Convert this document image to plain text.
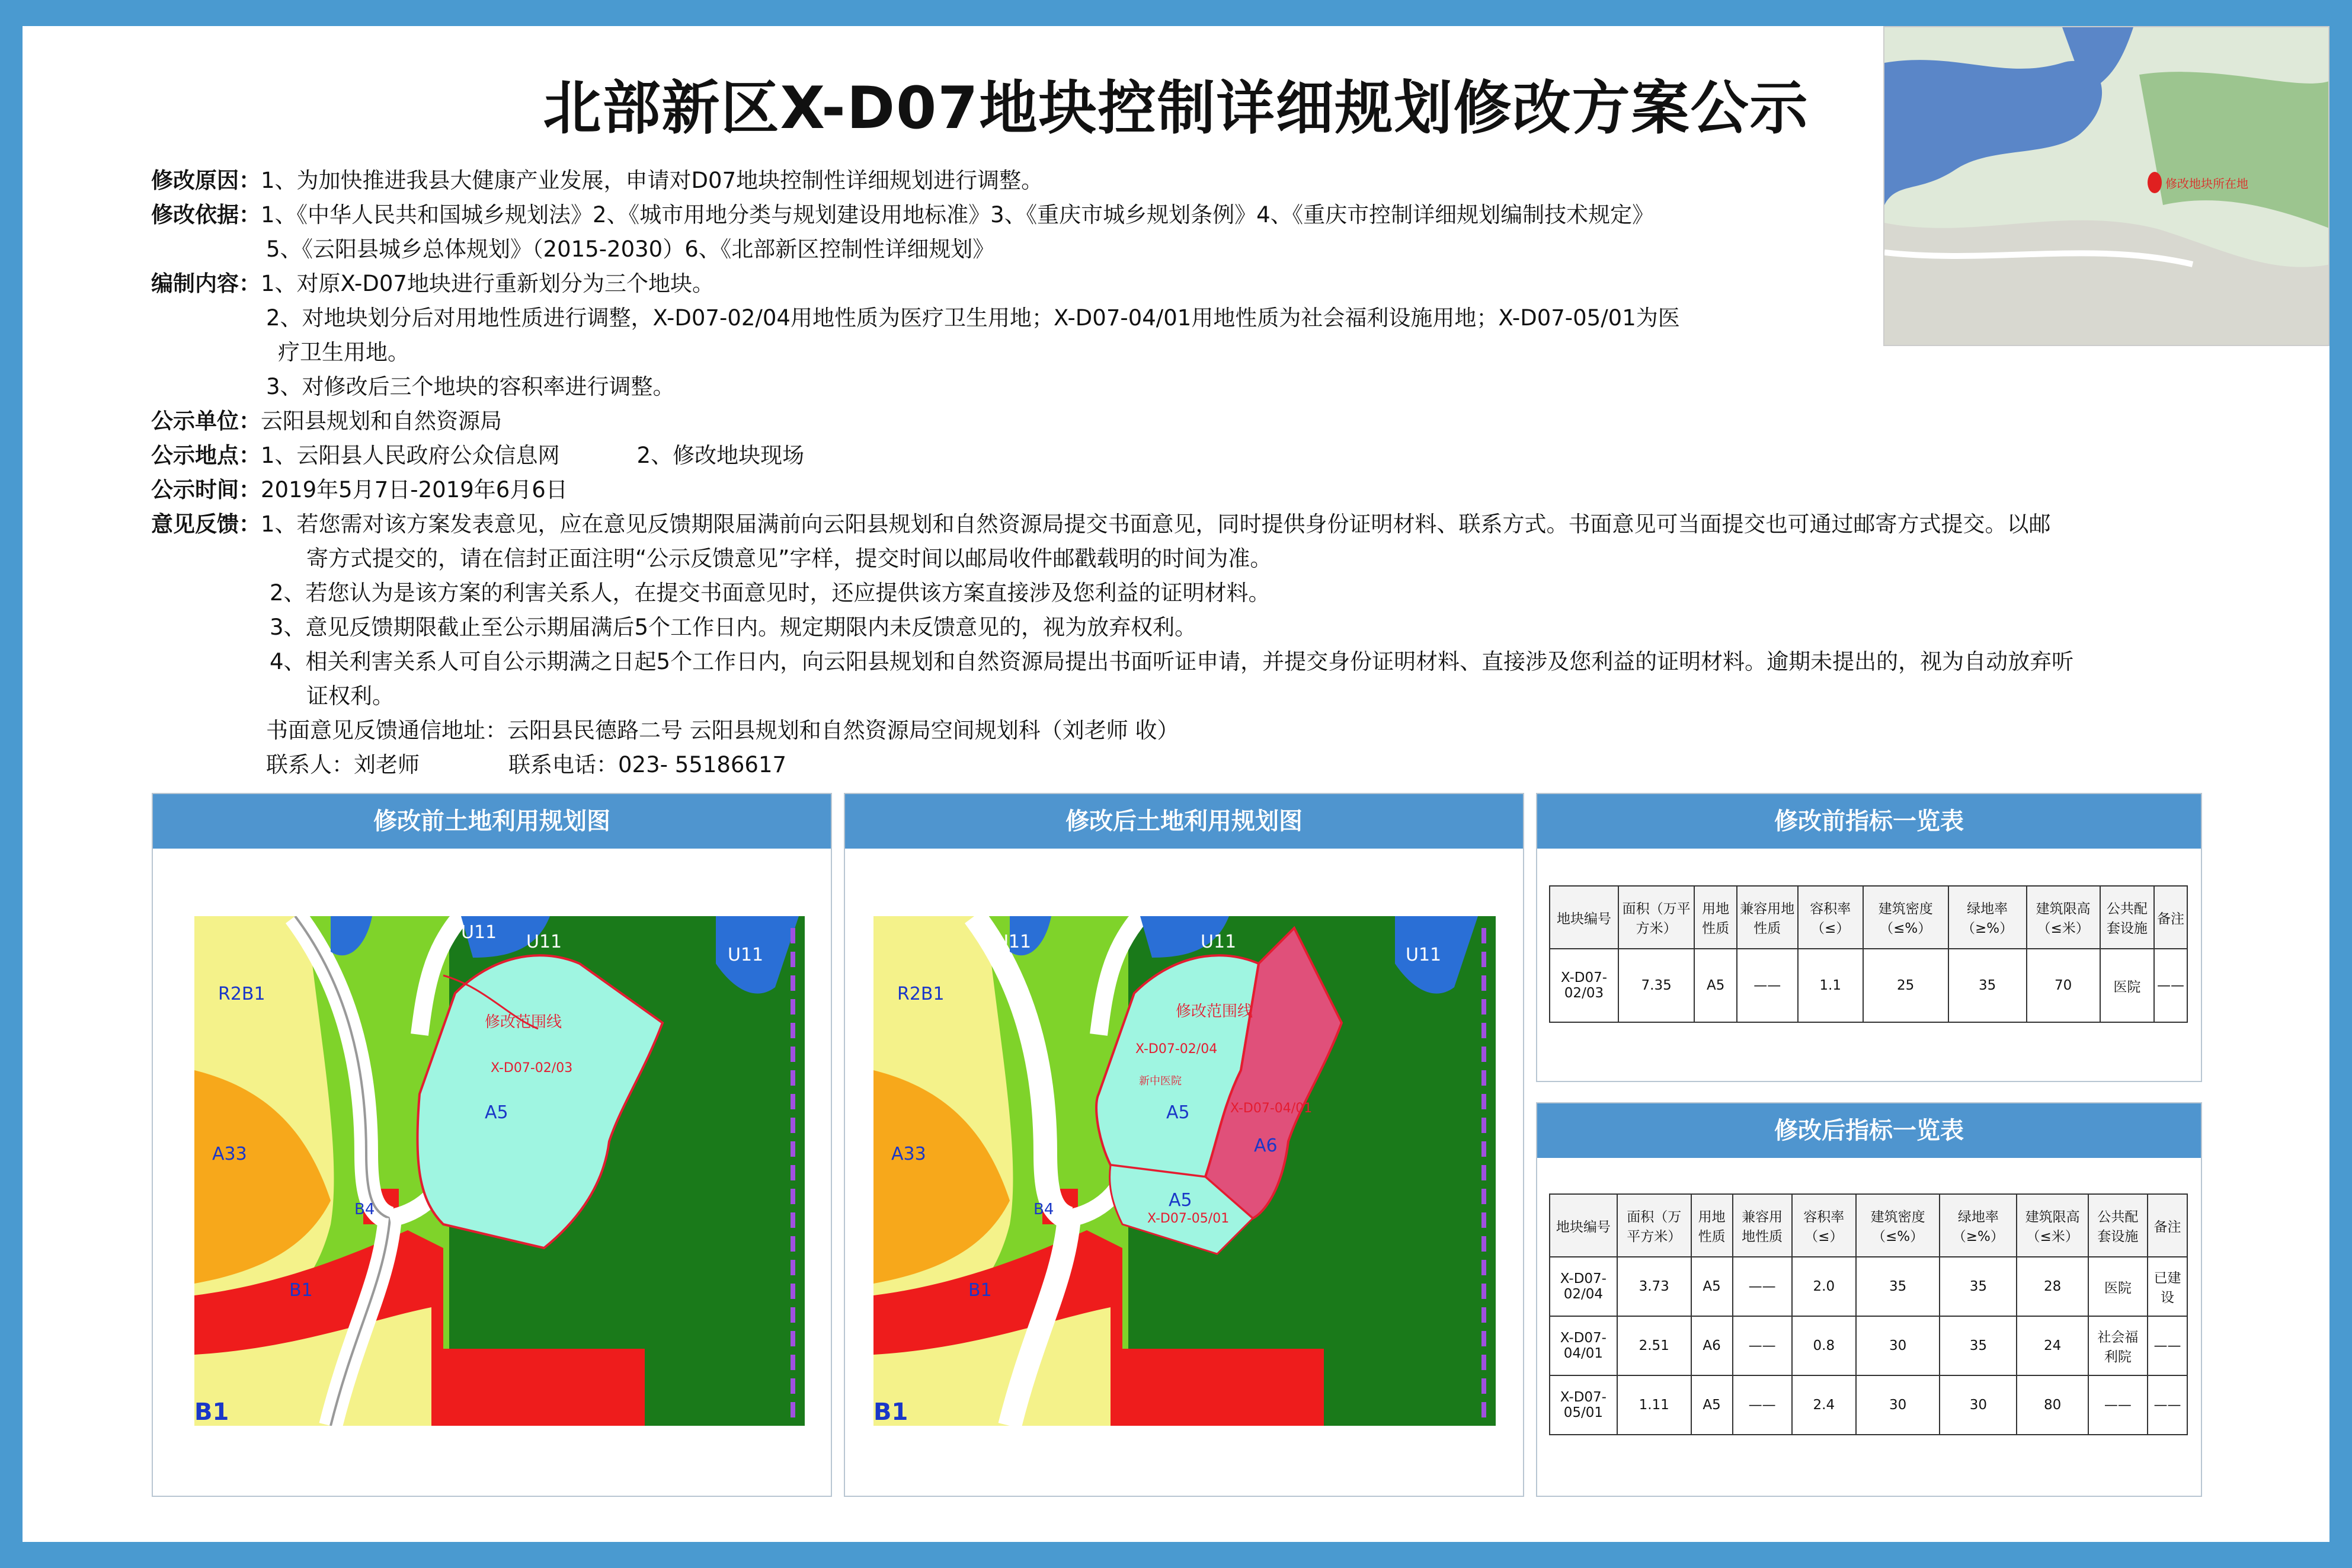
北部新区X-D07地块控制详细规划修改方案公示
修改地块所在地
修改原因：1、为加快推进我县大健康产业发展，申请对D07地块控制性详细规划进行调整。
修改依据：1、《中华人民共和国城乡规划法》2、《城市用地分类与规划建设用地标准》3、《重庆市城乡规划条例》4、《重庆市控制详细规划编制技术规定》
5、《云阳县城乡总体规划》（2015-2030）6、《北部新区控制性详细规划》
编制内容：1、对原X-D07地块进行重新划分为三个地块。
2、对地块划分后对用地性质进行调整，X-D07-02/04用地性质为医疗卫生用地；X-D07-04/01用地性质为社会福利设施用地；X-D07-05/01为医
疗卫生用地。
3、对修改后三个地块的容积率进行调整。
公示单位：云阳县规划和自然资源局
公示地点：1、云阳县人民政府公众信息网	2、修改地块现场
公示时间：2019年5月7日-2019年6月6日
意见反馈：1、若您需对该方案发表意见，应在意见反馈期限届满前向云阳县规划和自然资源局提交书面意见，同时提供身份证明材料、联系方式。书面意见可当面提交也可通过邮寄方式提交。以邮
寄方式提交的，请在信封正面注明“公示反馈意见”字样，提交时间以邮局收件邮戳载明的时间为准。
2、若您认为是该方案的利害关系人，在提交书面意见时，还应提供该方案直接涉及您利益的证明材料。
3、意见反馈期限截止至公示期届满后5个工作日内。规定期限内未反馈意见的，视为放弃权利。
4、相关利害关系人可自公示期满之日起5个工作日内，向云阳县规划和自然资源局提出书面听证申请，并提交身份证明材料、直接涉及您利益的证明材料。逾期未提出的，视为自动放弃听
证权利。
书面意见反馈通信地址：云阳县民德路二号 云阳县规划和自然资源局空间规划科（刘老师 收）
联系人：刘老师	联系电话：023- 55186617
修改前土地利用规划图
U11 U11
U11
R2B1
A33
B4
B1
B1
修改范围线
X-D07-02/03
A5
修改后土地利用规划图
U11	U11
U11
R2B1
A33
B4
B1
B1
修改范围线
X-D07-02/04
新中医院
A5	X-D07-04/01
A6
A5
X-D07-05/01
修改前指标一览表
地块编号	面积（万平方米）	用地性质	兼容用地性质	容积率（≤）	建筑密度（≤%）	绿地率（≥%）	建筑限高（≤米）	公共配套设施	备注
X-D07-02/03	7.35	A5	——	1.1	25	35	70	医院	——
修改后指标一览表
地块编号	面积（万平方米）	用地性质	兼容用地性质	容积率（≤）	建筑密度（≤%）	绿地率（≥%）	建筑限高（≤米）	公共配套设施	备注
X-D07-02/04	3.73	A5	——	2.0	35	35	28	医院	已建设
X-D07-04/01	2.51	A6	——	0.8	30	35	24	社会福利院	——
X-D07-05/01	1.11	A5	——	2.4	30	30	80	——	——
